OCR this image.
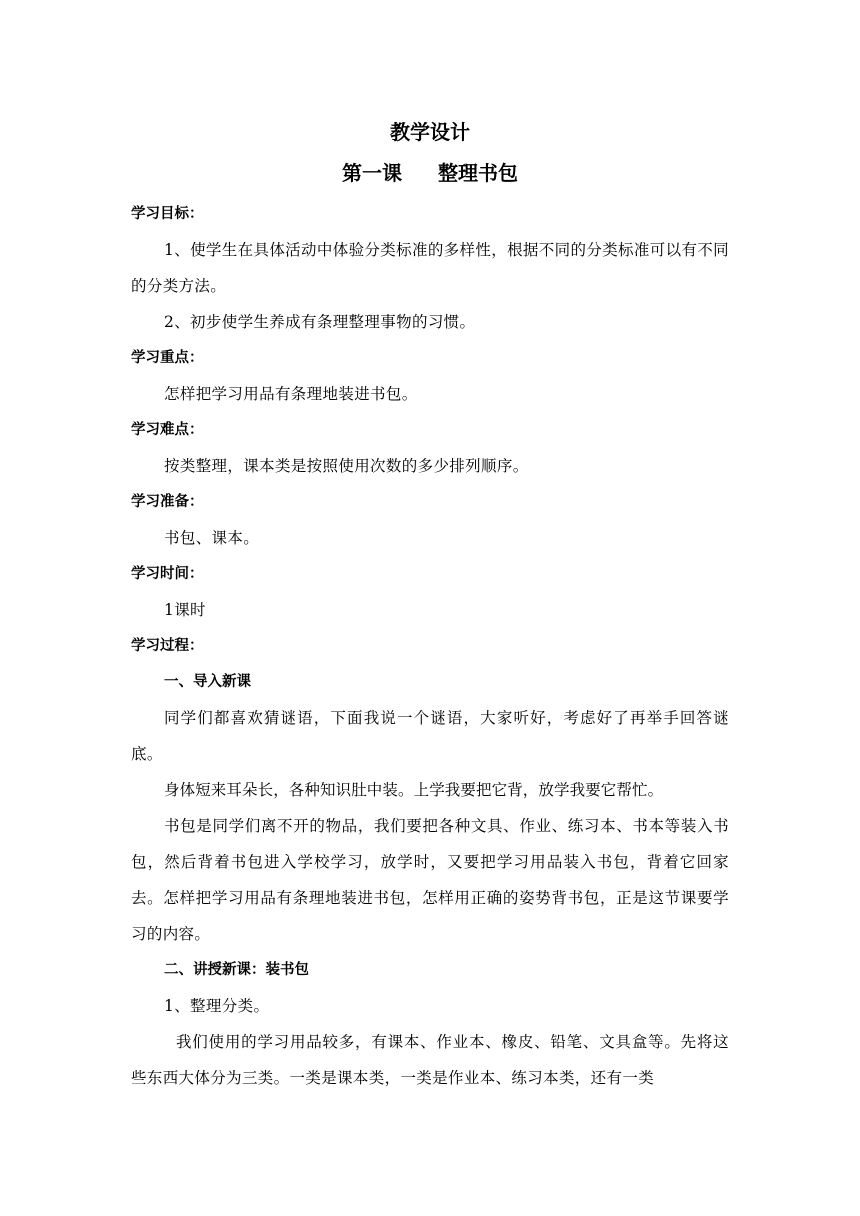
教学设计
第一课 整理书包
学习目标：

1、使学生在具体活动中体验分类标准的多样性，根据不同的分类标准可以有不同的分类方法。

2、初步使学生养成有条理整理事物的习惯。

学习重点：

怎样把学习用品有条理地装进书包。

学习难点：

按类整理，课本类是按照使用次数的多少排列顺序。

学习准备：

书包、课本。

学习时间：

1课时

学习过程：
一、导入新课

同学们都喜欢猜谜语，下面我说一个谜语，大家听好，考虑好了再举手回答谜底。

身体短来耳朵长，各种知识肚中装。上学我要把它背，放学我要它帮忙。

书包是同学们离不开的物品，我们要把各种文具、作业、练习本、书本等装入书包，然后背着书包进入学校学习，放学时，又要把学习用品装入书包，背着它回家去。怎样把学习用品有条理地装进书包，怎样用正确的姿势背书包，正是这节课要学习的内容。

二、讲授新课：装书包

1、整理分类。

我们使用的学习用品较多，有课本、作业本、橡皮、铅笔、文具盒等。先将这些东西大体分为三类。一类是课本类，一类是作业本、练习本类，还有一类
